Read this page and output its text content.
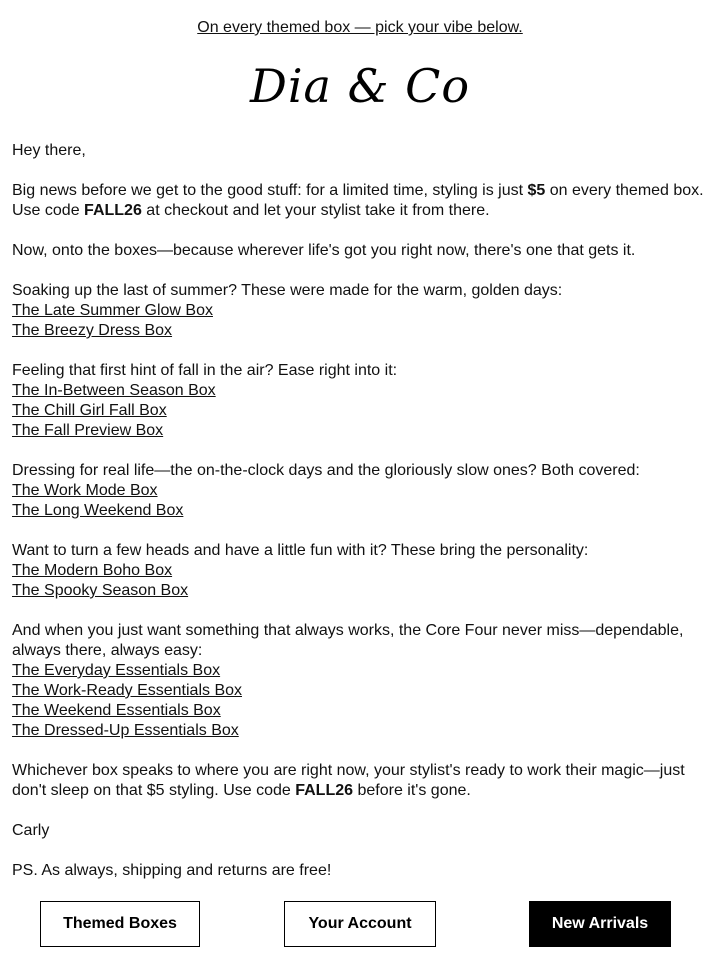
On every themed box — pick your vibe below.
Dia & Co

Hey there,

Big news before we get to the good stuff: for a limited time, styling is just $5 on every themed box. Use code FALL26 at checkout and let your stylist take it from there.

Now, onto the boxes—because wherever life's got you right now, there's one that gets it.

Soaking up the last of summer? These were made for the warm, golden days:
The Late Summer Glow Box
The Breezy Dress Box

Feeling that first hint of fall in the air? Ease right into it:
The In-Between Season Box
The Chill Girl Fall Box
The Fall Preview Box

Dressing for real life—the on-the-clock days and the gloriously slow ones? Both covered:
The Work Mode Box
The Long Weekend Box

Want to turn a few heads and have a little fun with it? These bring the personality:
The Modern Boho Box
The Spooky Season Box

And when you just want something that always works, the Core Four never miss—dependable, always there, always easy:
The Everyday Essentials Box
The Work-Ready Essentials Box
The Weekend Essentials Box
The Dressed-Up Essentials Box

Whichever box speaks to where you are right now, your stylist's ready to work their magic—just don't sleep on that $5 styling. Use code FALL26 before it's gone.

Carly

PS. As always, shipping and returns are free!

Themed Boxes	Your Account	New Arrivals
